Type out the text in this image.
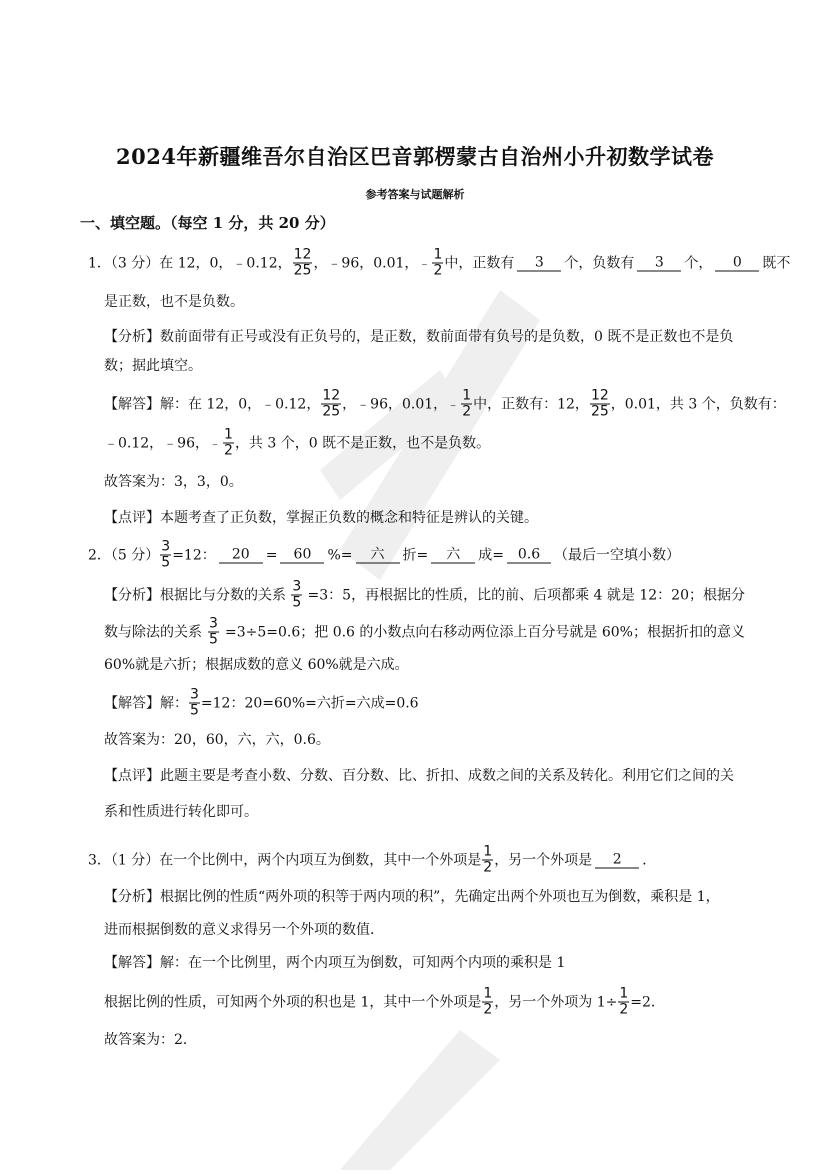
2024年新疆维吾尔自治区巴音郭楞蒙古自治州小升初数学试卷
参考答案与试题解析
一、填空题。（每空 1 分，共 20 分）
1．（3 分）在 12，0，﹣0.12， $\frac{12}{25}$ ，﹣96，0.01， ﹣ $\frac{1}{2}$ 中，正数有	3	个，负数有	3	个，	0	既不
是正数，也不是负数。
【分析】数前面带有正号或没有正负号的，是正数，数前面带有负号的是负数，0 既不是正数也不是负
数；据此填空。
【解答】解：在 12，0，﹣0.12， $\frac{12}{25}$ ，﹣96，0.01， ﹣ $\frac{1}{2}$ 中，正数有：12， $\frac{12}{25}$ ，0.01，共 3 个，负数有：
﹣0.12，﹣96， ﹣ $\frac{1}{2}$ ，共 3 个，0 既不是正数，也不是负数。
故答案为：3，3，0。
【点评】本题考查了正负数，掌握正负数的概念和特征是辨认的关键。
2．（5 分） $\frac{3}{5} =12$：	20	=	60	%=	六	折=	六	成= 0.6 （最后一空填小数）
【分析】根据比与分数的关系 $\frac{3}{5} =3$：5，再根据比的性质，比的前、后项都乘 4 就是 12：20；根据分
数与除法的关系 $\frac{3}{5} =3\div 5=0.6$；把 0.6 的小数点向右移动两位添上百分号就是 60%；根据折扣的意义
60%就是六折；根据成数的意义 60%就是六成。
【解答】解： $\frac{3}{5} =12$：20=60%=六折=六成=0.6
故答案为：20，60，六，六，0.6。
【点评】此题主要是考查小数、分数、百分数、比、折扣、成数之间的关系及转化。利用它们之间的关
系和性质进行转化即可。
3．（1 分）在一个比例中，两个内项互为倒数，其中一个外项是 $\frac{1}{2}$ ，另一个外项是	2	．
【分析】根据比例的性质“两外项的积等于两内项的积”，先确定出两个外项也互为倒数，乘积是 1，
进而根据倒数的意义求得另一个外项的数值．
【解答】解：在一个比例里，两个内项互为倒数，可知两个内项的乘积是 1
根据比例的性质，可知两个外项的积也是 1，其中一个外项是 $\frac{1}{2}$ ，另一个外项为 $1\div \frac{1}{2} =2$．
故答案为：2．
